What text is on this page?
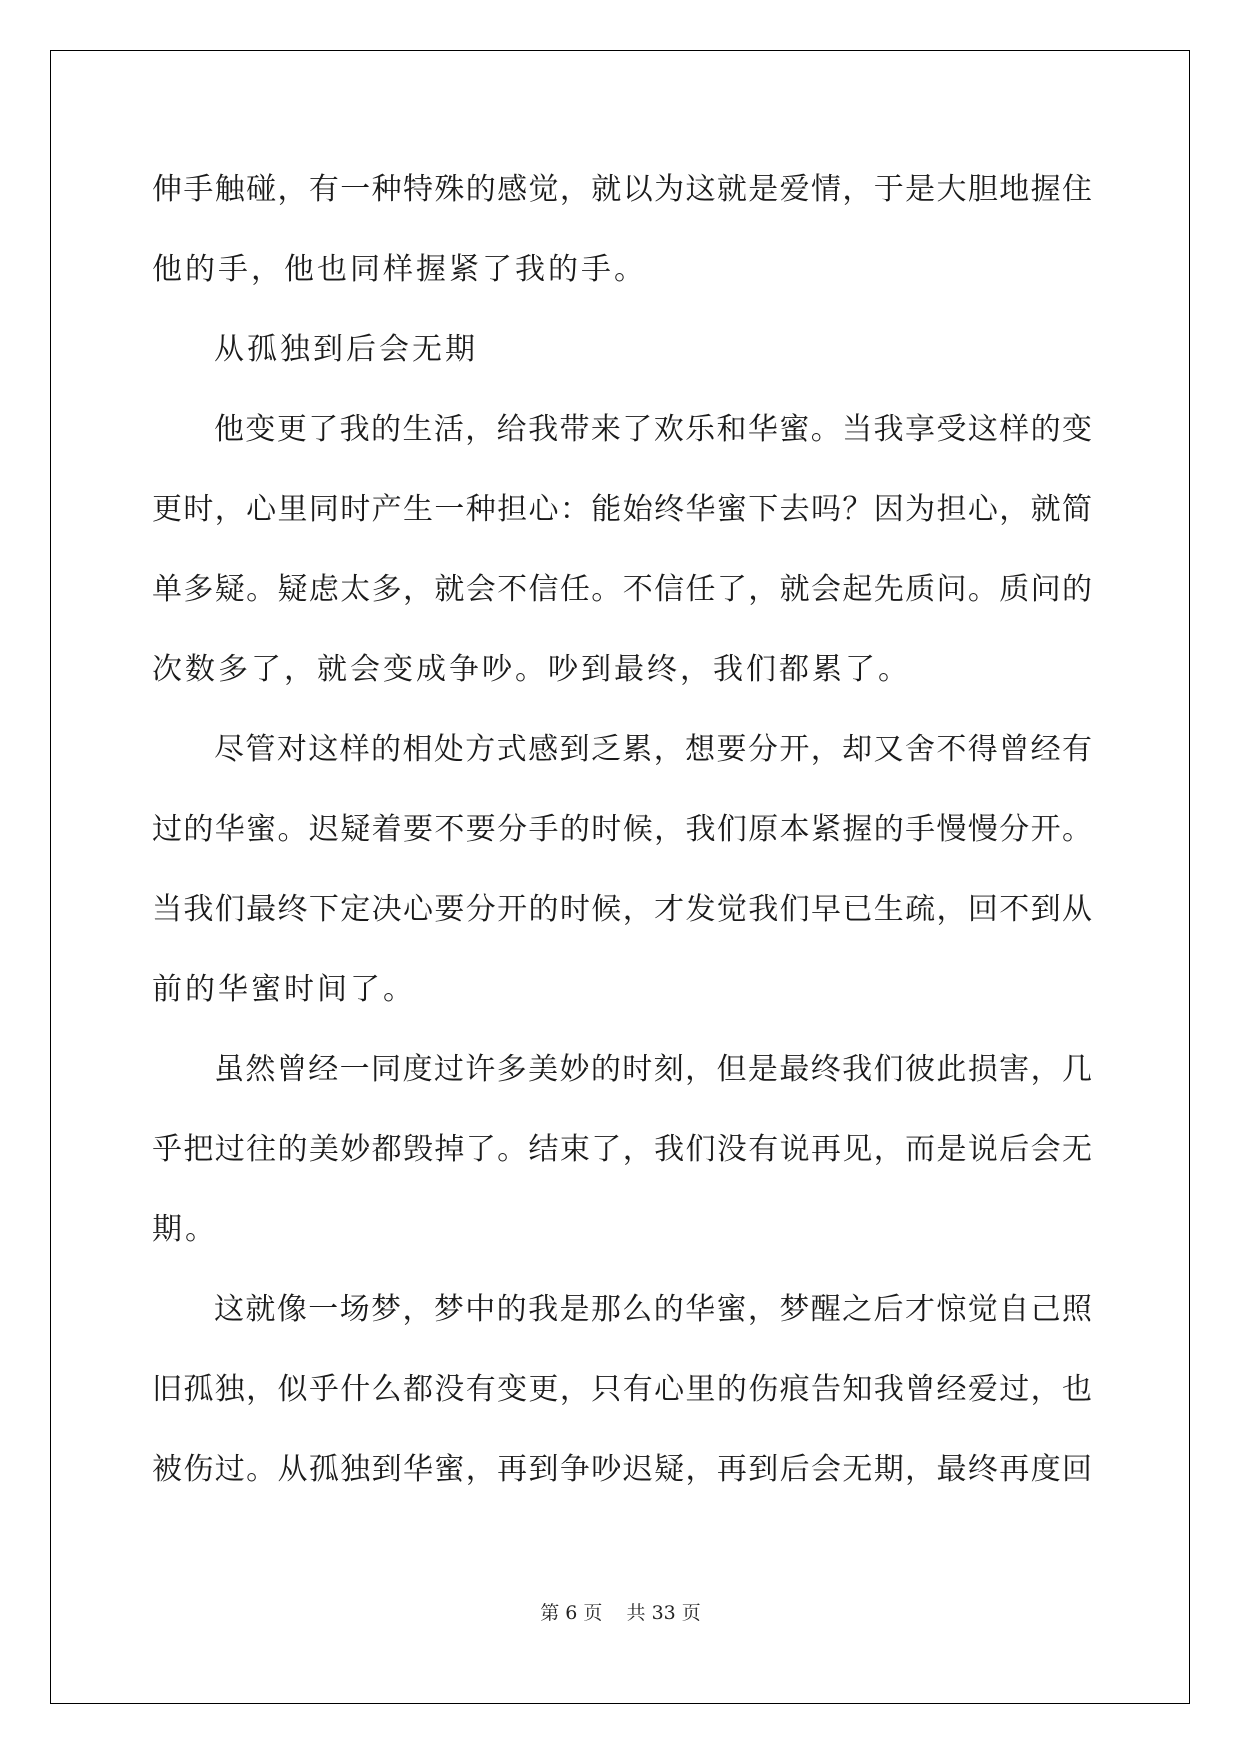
伸手触碰，有一种特殊的感觉，就以为这就是爱情，于是大胆地握住
他的手，他也同样握紧了我的手。
从孤独到后会无期
他变更了我的生活，给我带来了欢乐和华蜜。当我享受这样的变
更时，心里同时产生一种担心：能始终华蜜下去吗？因为担心，就简
单多疑。疑虑太多，就会不信任。不信任了，就会起先质问。质问的
次数多了，就会变成争吵。吵到最终，我们都累了。
尽管对这样的相处方式感到乏累，想要分开，却又舍不得曾经有
过的华蜜。迟疑着要不要分手的时候，我们原本紧握的手慢慢分开。
当我们最终下定决心要分开的时候，才发觉我们早已生疏，回不到从
前的华蜜时间了。
虽然曾经一同度过许多美妙的时刻，但是最终我们彼此损害，几
乎把过往的美妙都毁掉了。结束了，我们没有说再见，而是说后会无
期。
这就像一场梦，梦中的我是那么的华蜜，梦醒之后才惊觉自己照
旧孤独，似乎什么都没有变更，只有心里的伤痕告知我曾经爱过，也
被伤过。从孤独到华蜜，再到争吵迟疑，再到后会无期，最终再度回
第 6 页 共 33 页
